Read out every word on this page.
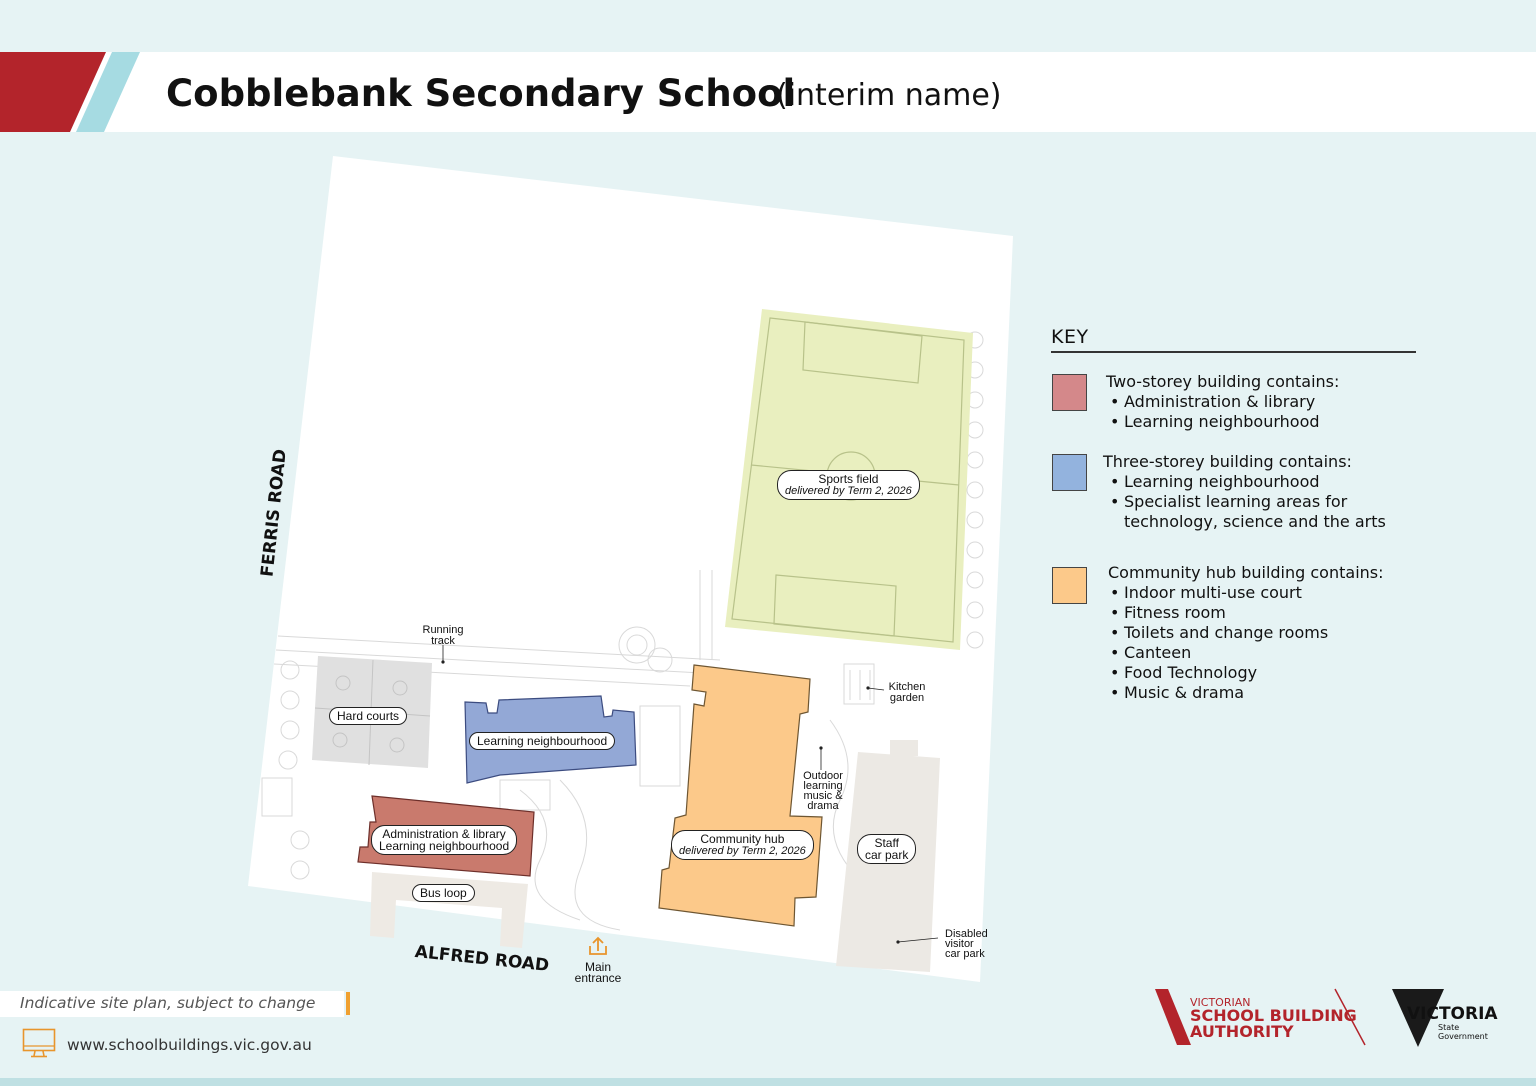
Cobblebank Secondary School
(interim name)
FERRIS ROAD
ALFRED ROAD
Sports field
delivered by Term 2, 2026
Hard courts
Learning neighbourhood
Administration & library
Learning neighbourhood	Community hub
delivered by Term 2, 2026
Bus loop
Staff
car park
Running
track
Kitchen
garden
Outdoor
learning
music &
drama
Disabled
visitor
car park
Main
entrance
KEY
Two-storey building contains:
• Administration & library
• Learning neighbourhood
Three-storey building contains:
• Learning neighbourhood
• Specialist learning areas for
technology, science and the arts
Community hub building contains:
• Indoor multi-use court
• Fitness room
• Toilets and change rooms
• Canteen
• Food Technology
• Music & drama
Indicative site plan, subject to change
www.schoolbuildings.vic.gov.au
VICTORIAN
SCHOOL BUILDING
AUTHORITY
VICTORIA
State
Government
